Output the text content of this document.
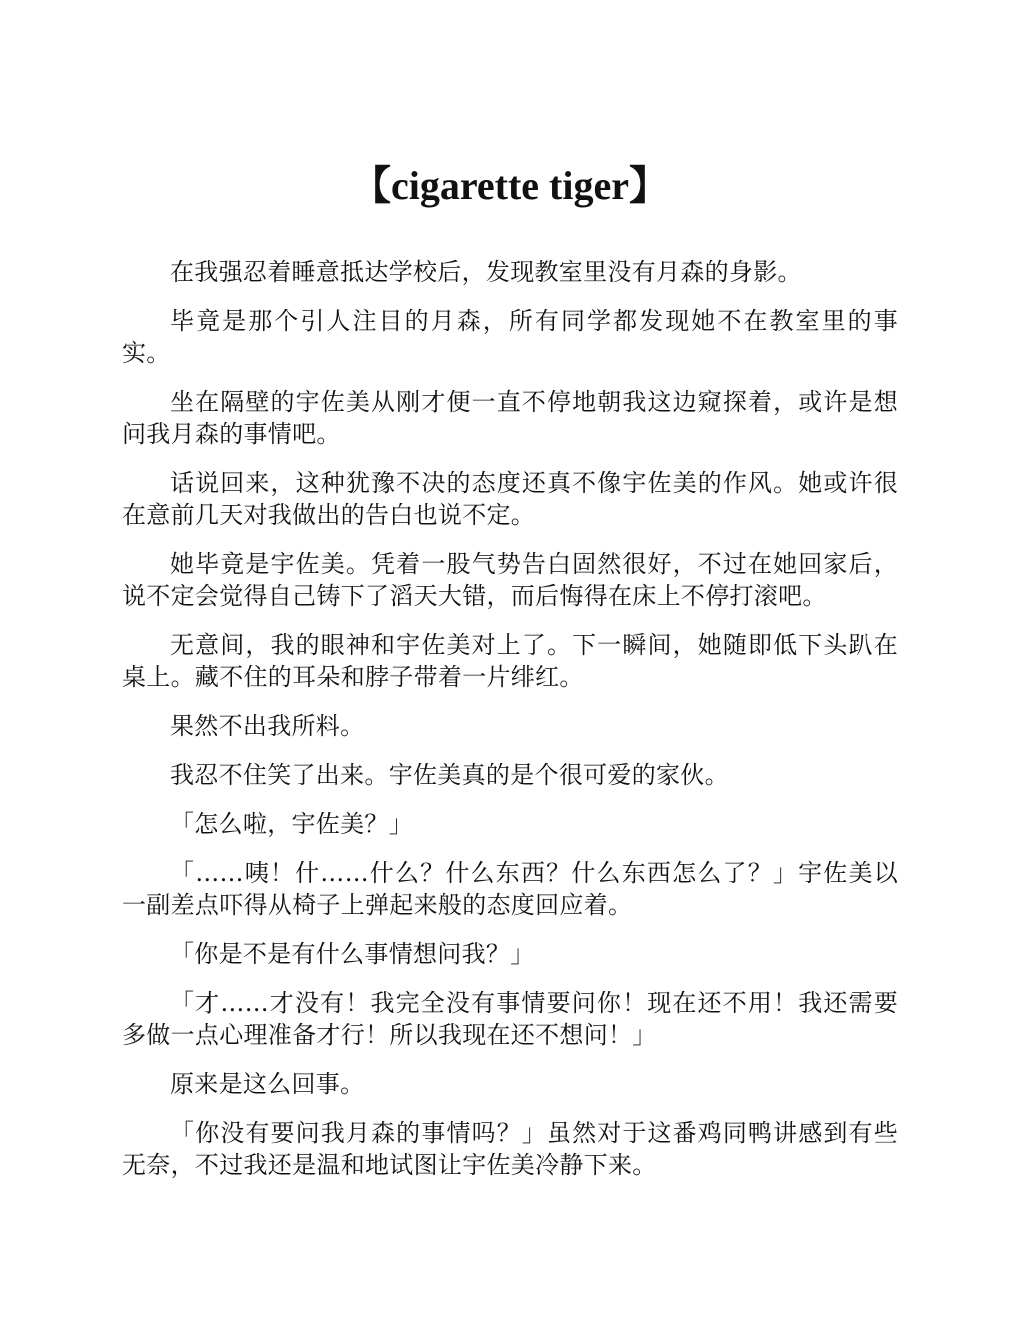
【cigarette tiger】

在我强忍着睡意抵达学校后，发现教室里没有月森的身影。

毕竟是那个引人注目的月森，所有同学都发现她不在教室里的事实。

坐在隔壁的宇佐美从刚才便一直不停地朝我这边窥探着，或许是想问我月森的事情吧。

话说回来，这种犹豫不决的态度还真不像宇佐美的作风。她或许很在意前几天对我做出的告白也说不定。

她毕竟是宇佐美。凭着一股气势告白固然很好，不过在她回家后，说不定会觉得自己铸下了滔天大错，而后悔得在床上不停打滚吧。

无意间，我的眼神和宇佐美对上了。下一瞬间，她随即低下头趴在桌上。藏不住的耳朵和脖子带着一片绯红。

果然不出我所料。

我忍不住笑了出来。宇佐美真的是个很可爱的家伙。

「怎么啦，宇佐美？」

「……咦！什……什么？什么东西？什么东西怎么了？」宇佐美以一副差点吓得从椅子上弹起来般的态度回应着。

「你是不是有什么事情想问我？」

「才……才没有！我完全没有事情要问你！现在还不用！我还需要多做一点心理准备才行！所以我现在还不想问！」

原来是这么回事。

「你没有要问我月森的事情吗？」虽然对于这番鸡同鸭讲感到有些无奈，不过我还是温和地试图让宇佐美冷静下来。
